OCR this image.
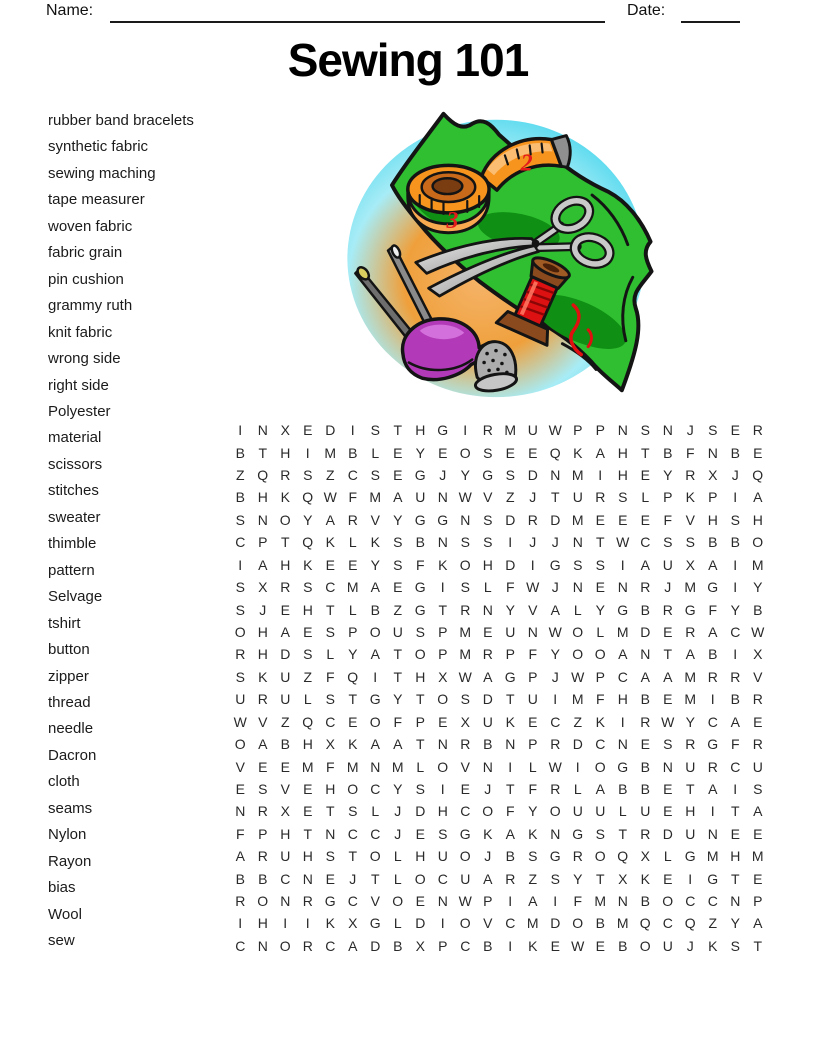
Name:	Date:
Sewing 101
rubber band bracelets
synthetic fabric
sewing maching
tape measurer
woven fabric
fabric grain
pin cushion
grammy ruth
knit fabric
wrong side
right side
Polyester
material
scissors
stitches
sweater
thimble
pattern
Selvage
tshirt
button
zipper
thread
needle
Dacron
cloth
seams
Nylon
Rayon
bias
Wool
sew
2
3
I	N X E D	I	S T H G	I	R M U W P P N S N J	S E R
B T H	I	M B L E Y E O S E E Q K A H T B F N B E
Z Q R S Z C S E G J	Y G S D N M	I	H E Y R X	J Q
B H K Q W F M A U N W V Z	J	T U R S L P K P	I	A
S N O Y A R V Y G G N S D R D M E E E F V H S H
C P T Q K L K S B N S S	I	J	J N T W C S S B B O
I	A H K E E Y S F K O H D	I	G S S	I	A U X A	I	M
S X R S C M A E G	I	S L	F W J N E N R J M G	I	Y
S	J	E H T	L B Z G T R N Y V A L Y G B R G F Y B
O H A E S P O U S P M E U N W O L M D E R A C W
R H D S L Y A T O P M R P F Y O O A N T A B	I	X
S K U Z F Q	I	T H X W A G P	J W P C A A M R R V
U R U L S T G Y T O S D T U	I	M F H B E M	I	B R
W V Z Q C E O F P E X U K E C Z K	I	R W Y C A E
O A B H X K A A T N R B N P R D C N E S R G F R
V E E M F M N M L O V N	I	L W I	O G B N U R C U
E S V E H O C Y S	I	E	J	T F R L A B B E T A	I	S
N R X E T S L	J D H C O F Y O U U L U E H	I	T A
F P H T N C C J	E S G K A K N G S T R D U N E E
A R U H S T O L H U O J	B S G R O Q X L G M H M
B B C N E	J	T	L O C U A R Z S Y T X K E	I	G T E
R O N R G C V O E N W P	I	A	I	F M N B O C C N P
I	H	I	I	K X G L D	I	O V C M D O B M Q C Q Z Y A
C N O R C A D B X P C B	I	K E W E B O U J	K S T
